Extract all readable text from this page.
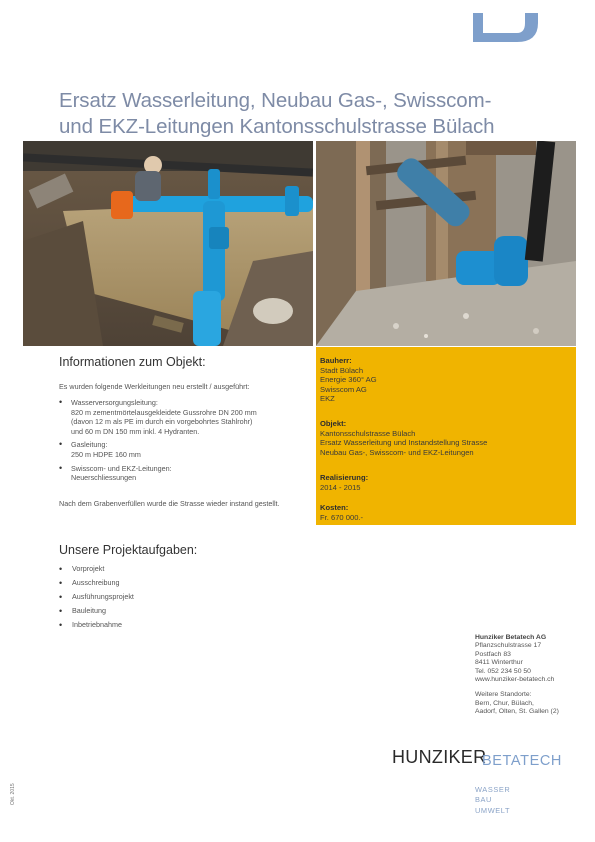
Ersatz Wasserleitung, Neubau Gas-, Swisscom-
und EKZ-Leitungen Kantonsschulstrasse Bülach
Informationen zum Objekt:
Es wurden folgende Werkleitungen neu erstellt / ausgeführt:
• Wasserversorgungsleitung:
820 m zementmörtelausgekleidete Gussrohre DN 200 mm
(davon 12 m als PE im durch ein vorgebohrtes Stahlrohr)
und 60 m DN 150 mm inkl. 4 Hydranten.
• Gasleitung:
250 m HDPE 160 mm
• Swisscom- und EKZ-Leitungen:
Neuerschliessungen
Nach dem Grabenverfüllen wurde die Strasse wieder instand gestellt.
Bauherr:
Stadt Bülach
Energie 360° AG
Swisscom AG
EKZ
Objekt:
Kantonsschulstrasse Bülach
Ersatz Wasserleitung und Instandstellung Strasse
Neubau Gas-, Swisscom- und EKZ-Leitungen
Realisierung:
2014 - 2015
Kosten:
Fr. 670 000.-
Unsere Projektaufgaben:
• Vorprojekt
• Ausschreibung
• Ausführungsprojekt
• Bauleitung
• Inbetriebnahme
Hunziker Betatech AG
Pflanzschulstrasse 17
Postfach 83
8411 Winterthur
Tel. 052 234 50 50
www.hunziker-betatech.ch
Weitere Standorte:
Bern, Chur, Bülach,
Aadorf, Olten, St. Gallen (2)
HUNZIKER
BETATECH
WASSER
BAU
UMWELT
Okt. 2015
